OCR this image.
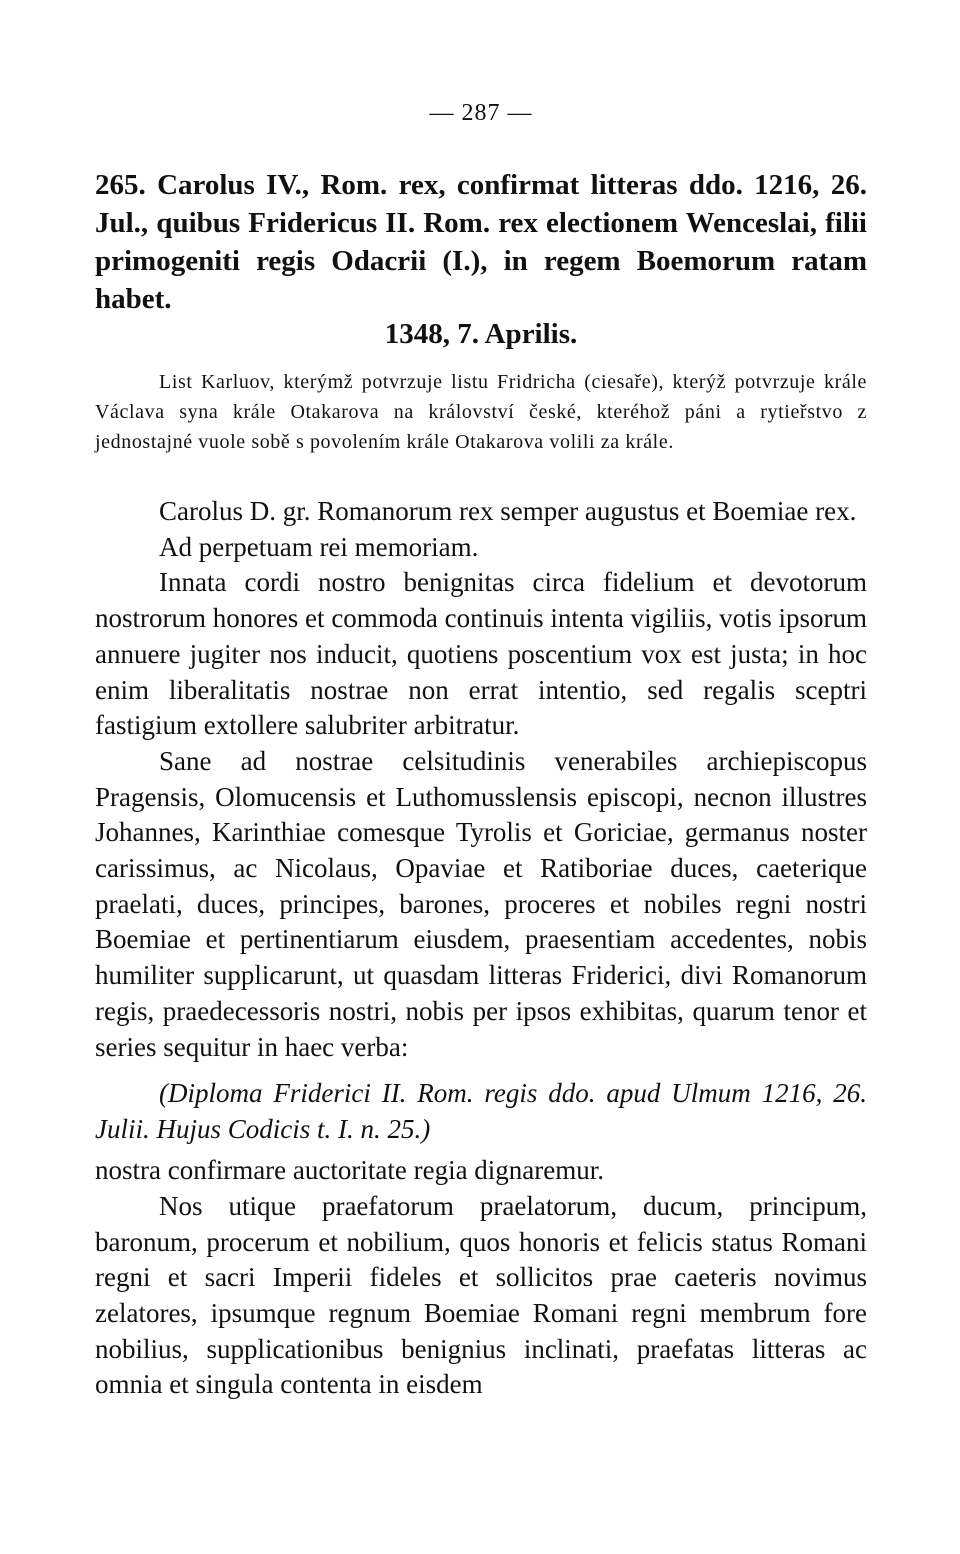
— 287 —
265. Carolus IV., Rom. rex, confirmat litteras ddo. 1216, 26. Jul., quibus Fridericus II. Rom. rex electionem Wenceslai, filii primogeniti regis Odacrii (I.), in regem Boemorum ratam habet.
1348, 7. Aprilis.
List Karluov, kterýmž potvrzuje listu Fridricha (ciesaře), kterýž potvrzuje krále Václava syna krále Otakarova na království české, kteréhož páni a rytieřstvo z jednostajné vuole sobě s povolením krále Otakarova volili za krále.

Carolus D. gr. Romanorum rex semper augustus et Boemiae rex.

Ad perpetuam rei memoriam.

Innata cordi nostro benignitas circa fidelium et devotorum nostrorum honores et commoda continuis intenta vigiliis, votis ipsorum annuere jugiter nos inducit, quotiens poscentium vox est justa; in hoc enim liberalitatis nostrae non errat intentio, sed regalis sceptri fastigium extollere salubriter arbitratur.

Sane ad nostrae celsitudinis venerabiles archiepiscopus Pragensis, Olomucensis et Luthomusslensis episcopi, necnon illustres Johannes, Karinthiae comesque Tyrolis et Goriciae, germanus noster carissimus, ac Nicolaus, Opaviae et Ratiboriae duces, caeterique praelati, duces, principes, barones, proceres et nobiles regni nostri Boemiae et pertinentiarum eiusdem, praesentiam accedentes, nobis humiliter supplicarunt, ut quasdam litteras Friderici, divi Romanorum regis, praedecessoris nostri, nobis per ipsos exhibitas, quarum tenor et series sequitur in haec verba:

(Diploma Friderici II. Rom. regis ddo. apud Ulmum 1216, 26. Julii. Hujus Codicis t. I. n. 25.)

nostra confirmare auctoritate regia dignaremur.

Nos utique praefatorum praelatorum, ducum, principum, baronum, procerum et nobilium, quos honoris et felicis status Romani regni et sacri Imperii fideles et sollicitos prae caeteris novimus zelatores, ipsumque regnum Boemiae Romani regni membrum fore nobilius, supplicationibus benignius inclinati, praefatas litteras ac omnia et singula contenta in eisdem
